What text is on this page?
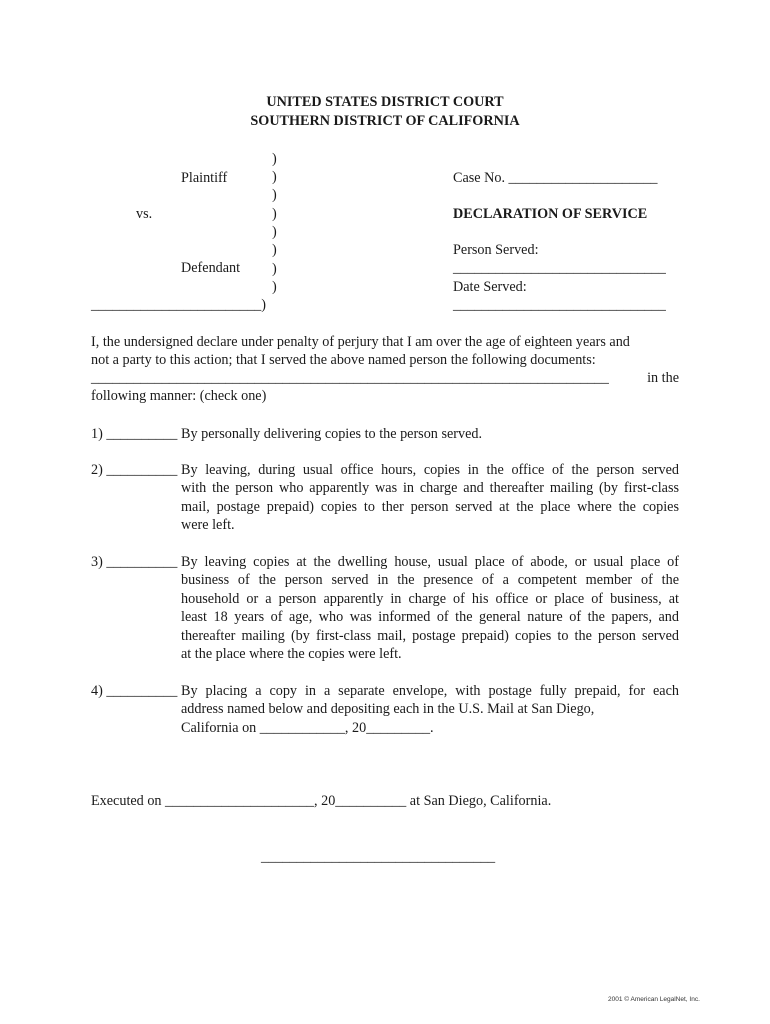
UNITED STATES DISTRICT COURT
SOUTHERN DISTRICT OF CALIFORNIA
Plaintiff
vs.
Defendant
)
)
)
)
)
)
)
)
________________________)
Case No. _____________________
DECLARATION OF SERVICE
Person Served:
______________________________
Date Served:
______________________________
I, the undersigned declare under penalty of perjury that I am over the age of eighteen years and
not a party to this action; that I served the above named person the following documents:
_________________________________________________________________________	in the
following manner: (check one)
1) __________ By personally delivering copies to the person served.
2) __________ By leaving, during usual office hours, copies in the office of the person served
with the person who apparently was in charge and thereafter mailing (by first-class
mail, postage prepaid) copies to ther person served at the place where the copies
were left.
3) __________ By leaving copies at the dwelling house, usual place of abode, or usual place of
business of the person served in the presence of a competent member of the
household or a person apparently in charge of his office or place of business, at
least 18 years of age, who was informed of the general nature of the papers, and
thereafter mailing (by first-class mail, postage prepaid) copies to the person served
at the place where the copies were left.
4) __________ By placing a copy in a separate envelope, with postage fully prepaid, for each
address named below and depositing each in the U.S. Mail at San Diego,
California on ____________, 20_________.
Executed on _____________________, 20__________ at San Diego, California.
_________________________________
2001 © American LegalNet, Inc.
